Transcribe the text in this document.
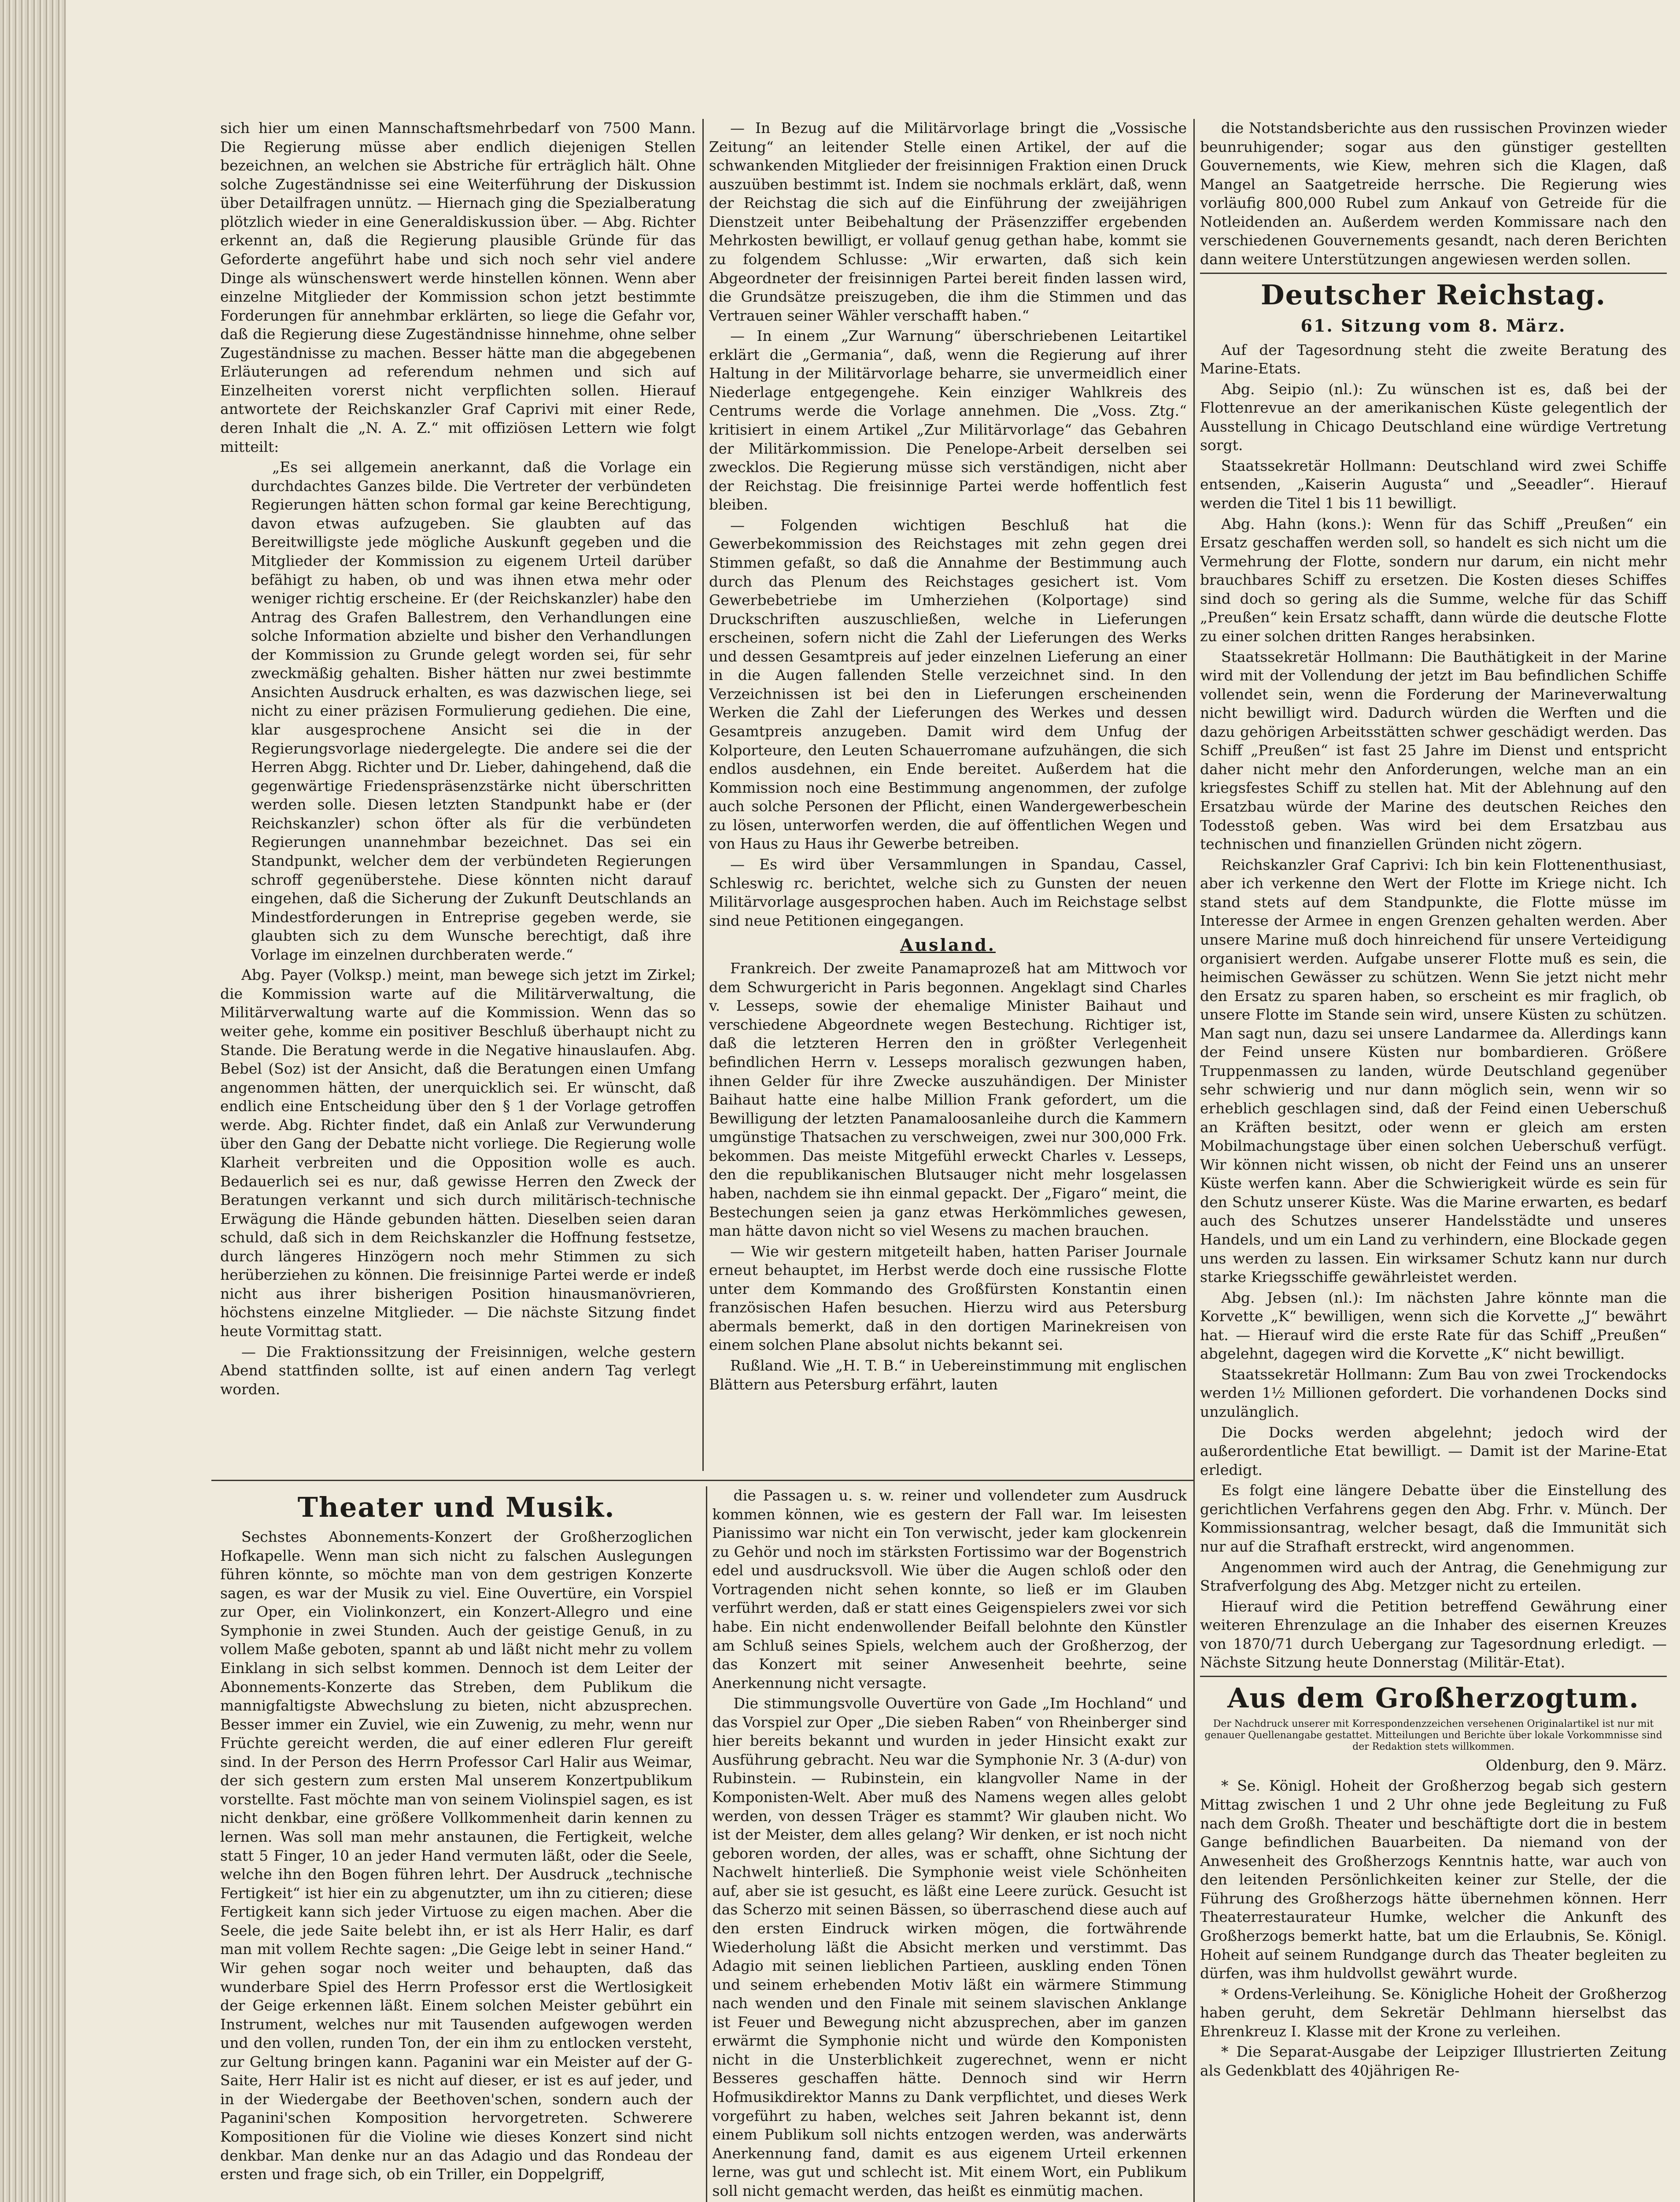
sich hier um einen Mannschaftsmehrbedarf von 7500 Mann. Die Regierung müsse aber endlich diejenigen Stellen bezeichnen, an welchen sie Abstriche für erträglich hält. Ohne solche Zugeständnisse sei eine Weiterführung der Diskussion über Detailfragen unnütz. — Hiernach ging die Spezialberatung plötzlich wieder in eine Generaldiskussion über. — Abg. Richter erkennt an, daß die Regierung plausible Gründe für das Geforderte angeführt habe und sich noch sehr viel andere Dinge als wünschenswert werde hinstellen können. Wenn aber einzelne Mitglieder der Kommission schon jetzt bestimmte Forderungen für annehmbar erklärten, so liege die Gefahr vor, daß die Regierung diese Zugeständnisse hinnehme, ohne selber Zugeständnisse zu machen. Besser hätte man die abgegebenen Erläuterungen ad referendum nehmen und sich auf Einzelheiten vorerst nicht verpflichten sollen. Hierauf antwortete der Reichskanzler Graf Caprivi mit einer Rede, deren Inhalt die „N. A. Z.“ mit offiziösen Lettern wie folgt mitteilt:

„Es sei allgemein anerkannt, daß die Vorlage ein durchdachtes Ganzes bilde. Die Vertreter der verbündeten Regierungen hätten schon formal gar keine Berechtigung, davon etwas aufzugeben. Sie glaubten auf das Bereitwilligste jede mögliche Auskunft gegeben und die Mitglieder der Kommission zu eigenem Urteil darüber befähigt zu haben, ob und was ihnen etwa mehr oder weniger richtig erscheine. Er (der Reichskanzler) habe den Antrag des Grafen Ballestrem, den Verhandlungen eine solche Information abzielte und bisher den Verhandlungen der Kommission zu Grunde gelegt worden sei, für sehr zweckmäßig gehalten. Bisher hätten nur zwei bestimmte Ansichten Ausdruck erhalten, es was dazwischen liege, sei nicht zu einer präzisen Formulierung gediehen. Die eine, klar ausgesprochene Ansicht sei die in der Regierungsvorlage niedergelegte. Die andere sei die der Herren Abgg. Richter und Dr. Lieber, dahingehend, daß die gegenwärtige Friedenspräsenzstärke nicht überschritten werden solle. Diesen letzten Standpunkt habe er (der Reichskanzler) schon öfter als für die verbündeten Regierungen unannehmbar bezeichnet. Das sei ein Standpunkt, welcher dem der verbündeten Regierungen schroff gegenüberstehe. Diese könnten nicht darauf eingehen, daß die Sicherung der Zukunft Deutschlands an Mindestforderungen in Entreprise gegeben werde, sie glaubten sich zu dem Wunsche berechtigt, daß ihre Vorlage im einzelnen durchberaten werde.“

Abg. Payer (Volksp.) meint, man bewege sich jetzt im Zirkel; die Kommission warte auf die Militärverwaltung, die Militärverwaltung warte auf die Kommission. Wenn das so weiter gehe, komme ein positiver Beschluß überhaupt nicht zu Stande. Die Beratung werde in die Negative hinauslaufen. Abg. Bebel (Soz) ist der Ansicht, daß die Beratungen einen Umfang angenommen hätten, der unerquicklich sei. Er wünscht, daß endlich eine Entscheidung über den § 1 der Vorlage getroffen werde. Abg. Richter findet, daß ein Anlaß zur Verwunderung über den Gang der Debatte nicht vorliege. Die Regierung wolle Klarheit verbreiten und die Opposition wolle es auch. Bedauerlich sei es nur, daß gewisse Herren den Zweck der Beratungen verkannt und sich durch militärisch-technische Erwägung die Hände gebunden hätten. Dieselben seien daran schuld, daß sich in dem Reichskanzler die Hoffnung festsetze, durch längeres Hinzögern noch mehr Stimmen zu sich herüberziehen zu können. Die freisinnige Partei werde er indeß nicht aus ihrer bisherigen Position hinausmanövrieren, höchstens einzelne Mitglieder. — Die nächste Sitzung findet heute Vormittag statt.

— Die Fraktionssitzung der Freisinnigen, welche gestern Abend stattfinden sollte, ist auf einen andern Tag verlegt worden.

— In Bezug auf die Militärvorlage bringt die „Vossische Zeitung“ an leitender Stelle einen Artikel, der auf die schwankenden Mitglieder der freisinnigen Fraktion einen Druck auszuüben bestimmt ist. Indem sie nochmals erklärt, daß, wenn der Reichstag die sich auf die Einführung der zweijährigen Dienstzeit unter Beibehaltung der Präsenzziffer ergebenden Mehrkosten bewilligt, er vollauf genug gethan habe, kommt sie zu folgendem Schlusse: „Wir erwarten, daß sich kein Abgeordneter der freisinnigen Partei bereit finden lassen wird, die Grundsätze preiszugeben, die ihm die Stimmen und das Vertrauen seiner Wähler verschafft haben.“

— In einem „Zur Warnung“ überschriebenen Leitartikel erklärt die „Germania“, daß, wenn die Regierung auf ihrer Haltung in der Militärvorlage beharre, sie unvermeidlich einer Niederlage entgegengehe. Kein einziger Wahlkreis des Centrums werde die Vorlage annehmen. Die „Voss. Ztg.“ kritisiert in einem Artikel „Zur Militärvorlage“ das Gebahren der Militärkommission. Die Penelope-Arbeit derselben sei zwecklos. Die Regierung müsse sich verständigen, nicht aber der Reichstag. Die freisinnige Partei werde hoffentlich fest bleiben.

— Folgenden wichtigen Beschluß hat die Gewerbekommission des Reichstages mit zehn gegen drei Stimmen gefaßt, so daß die Annahme der Bestimmung auch durch das Plenum des Reichstages gesichert ist. Vom Gewerbebetriebe im Umherziehen (Kolportage) sind Druckschriften auszuschließen, welche in Lieferungen erscheinen, sofern nicht die Zahl der Lieferungen des Werks und dessen Gesamtpreis auf jeder einzelnen Lieferung an einer in die Augen fallenden Stelle verzeichnet sind. In den Verzeichnissen ist bei den in Lieferungen erscheinenden Werken die Zahl der Lieferungen des Werkes und dessen Gesamtpreis anzugeben. Damit wird dem Unfug der Kolporteure, den Leuten Schauerromane aufzuhängen, die sich endlos ausdehnen, ein Ende bereitet. Außerdem hat die Kommission noch eine Bestimmung angenommen, der zufolge auch solche Personen der Pflicht, einen Wandergewerbeschein zu lösen, unterworfen werden, die auf öffentlichen Wegen und von Haus zu Haus ihr Gewerbe betreiben.

— Es wird über Versammlungen in Spandau, Cassel, Schleswig rc. berichtet, welche sich zu Gunsten der neuen Militärvorlage ausgesprochen haben. Auch im Reichstage selbst sind neue Petitionen eingegangen.

Ausland.

Frankreich. Der zweite Panamaprozeß hat am Mittwoch vor dem Schwurgericht in Paris begonnen. Angeklagt sind Charles v. Lesseps, sowie der ehemalige Minister Baihaut und verschiedene Abgeordnete wegen Bestechung. Richtiger ist, daß die letzteren Herren den in größter Verlegenheit befindlichen Herrn v. Lesseps moralisch gezwungen haben, ihnen Gelder für ihre Zwecke auszuhändigen. Der Minister Baihaut hatte eine halbe Million Frank gefordert, um die Bewilligung der letzten Panamaloosanleihe durch die Kammern umgünstige Thatsachen zu verschweigen, zwei nur 300,000 Frk. bekommen. Das meiste Mitgefühl erweckt Charles v. Lesseps, den die republikanischen Blutsauger nicht mehr losgelassen haben, nachdem sie ihn einmal gepackt. Der „Figaro“ meint, die Bestechungen seien ja ganz etwas Herkömmliches gewesen, man hätte davon nicht so viel Wesens zu machen brauchen.

— Wie wir gestern mitgeteilt haben, hatten Pariser Journale erneut behauptet, im Herbst werde doch eine russische Flotte unter dem Kommando des Großfürsten Konstantin einen französischen Hafen besuchen. Hierzu wird aus Petersburg abermals bemerkt, daß in den dortigen Marinekreisen von einem solchen Plane absolut nichts bekannt sei.

Rußland. Wie „H. T. B.“ in Uebereinstimmung mit englischen Blättern aus Petersburg erfährt, lauten

Theater und Musik.

Sechstes Abonnements-Konzert der Großherzoglichen Hofkapelle. Wenn man sich nicht zu falschen Auslegungen führen könnte, so möchte man von dem gestrigen Konzerte sagen, es war der Musik zu viel. Eine Ouvertüre, ein Vorspiel zur Oper, ein Violinkonzert, ein Konzert-Allegro und eine Symphonie in zwei Stunden. Auch der geistige Genuß, in zu vollem Maße geboten, spannt ab und läßt nicht mehr zu vollem Einklang in sich selbst kommen. Dennoch ist dem Leiter der Abonnements-Konzerte das Streben, dem Publikum die mannigfaltigste Abwechslung zu bieten, nicht abzusprechen. Besser immer ein Zuviel, wie ein Zuwenig, zu mehr, wenn nur Früchte gereicht werden, die auf einer edleren Flur gereift sind. In der Person des Herrn Professor Carl Halir aus Weimar, der sich gestern zum ersten Mal unserem Konzertpublikum vorstellte. Fast möchte man von seinem Violinspiel sagen, es ist nicht denkbar, eine größere Vollkommenheit darin kennen zu lernen. Was soll man mehr anstaunen, die Fertigkeit, welche statt 5 Finger, 10 an jeder Hand vermuten läßt, oder die Seele, welche ihn den Bogen führen lehrt. Der Ausdruck „technische Fertigkeit“ ist hier ein zu abgenutzter, um ihn zu citieren; diese Fertigkeit kann sich jeder Virtuose zu eigen machen. Aber die Seele, die jede Saite belebt ihn, er ist als Herr Halir, es darf man mit vollem Rechte sagen: „Die Geige lebt in seiner Hand.“ Wir gehen sogar noch weiter und behaupten, daß das wunderbare Spiel des Herrn Professor erst die Wertlosigkeit der Geige erkennen läßt. Einem solchen Meister gebührt ein Instrument, welches nur mit Tausenden aufgewogen werden und den vollen, runden Ton, der ein ihm zu entlocken versteht, zur Geltung bringen kann. Paganini war ein Meister auf der G-Saite, Herr Halir ist es nicht auf dieser, er ist es auf jeder, und in der Wiedergabe der Beethoven'schen, sondern auch der Paganini'schen Komposition hervorgetreten. Schwerere Kompositionen für die Violine wie dieses Konzert sind nicht denkbar. Man denke nur an das Adagio und das Rondeau der ersten und frage sich, ob ein Triller, ein Doppelgriff,

die Passagen u. s. w. reiner und vollendeter zum Ausdruck kommen können, wie es gestern der Fall war. Im leisesten Pianissimo war nicht ein Ton verwischt, jeder kam glockenrein zu Gehör und noch im stärksten Fortissimo war der Bogenstrich edel und ausdrucksvoll. Wie über die Augen schloß oder den Vortragenden nicht sehen konnte, so ließ er im Glauben verführt werden, daß er statt eines Geigenspielers zwei vor sich habe. Ein nicht endenwollender Beifall belohnte den Künstler am Schluß seines Spiels, welchem auch der Großherzog, der das Konzert mit seiner Anwesenheit beehrte, seine Anerkennung nicht versagte.

Die stimmungsvolle Ouvertüre von Gade „Im Hochland“ und das Vorspiel zur Oper „Die sieben Raben“ von Rheinberger sind hier bereits bekannt und wurden in jeder Hinsicht exakt zur Ausführung gebracht. Neu war die Symphonie Nr. 3 (A-dur) von Rubinstein. — Rubinstein, ein klangvoller Name in der Komponisten-Welt. Aber muß des Namens wegen alles gelobt werden, von dessen Träger es stammt? Wir glauben nicht. Wo ist der Meister, dem alles gelang? Wir denken, er ist noch nicht geboren worden, der alles, was er schafft, ohne Sichtung der Nachwelt hinterließ. Die Symphonie weist viele Schönheiten auf, aber sie ist gesucht, es läßt eine Leere zurück. Gesucht ist das Scherzo mit seinen Bässen, so überraschend diese auch auf den ersten Eindruck wirken mögen, die fortwährende Wiederholung läßt die Absicht merken und verstimmt. Das Adagio mit seinen lieblichen Partieen, auskling enden Tönen und seinem erhebenden Motiv läßt ein wärmere Stimmung nach wenden und den Finale mit seinem slavischen Anklange ist Feuer und Bewegung nicht abzusprechen, aber im ganzen erwärmt die Symphonie nicht und würde den Komponisten nicht in die Unsterblichkeit zugerechnet, wenn er nicht Besseres geschaffen hätte. Dennoch sind wir Herrn Hofmusikdirektor Manns zu Dank verpflichtet, und dieses Werk vorgeführt zu haben, welches seit Jahren bekannt ist, denn einem Publikum soll nichts entzogen werden, was anderwärts Anerkennung fand, damit es aus eigenem Urteil erkennen lerne, was gut und schlecht ist. Mit einem Wort, ein Publikum soll nicht gemacht werden, das heißt es einmütig machen.

die Notstandsberichte aus den russischen Provinzen wieder beunruhigender; sogar aus den günstiger gestellten Gouvernements, wie Kiew, mehren sich die Klagen, daß Mangel an Saatgetreide herrsche. Die Regierung wies vorläufig 800,000 Rubel zum Ankauf von Getreide für die Notleidenden an. Außerdem werden Kommissare nach den verschiedenen Gouvernements gesandt, nach deren Berichten dann weitere Unterstützungen angewiesen werden sollen.

Deutscher Reichstag.
61. Sitzung vom 8. März.

Auf der Tagesordnung steht die zweite Beratung des Marine-Etats.

Abg. Seipio (nl.): Zu wünschen ist es, daß bei der Flottenrevue an der amerikanischen Küste gelegentlich der Ausstellung in Chicago Deutschland eine würdige Vertretung sorgt.

Staatssekretär Hollmann: Deutschland wird zwei Schiffe entsenden, „Kaiserin Augusta“ und „Seeadler“. Hierauf werden die Titel 1 bis 11 bewilligt.

Abg. Hahn (kons.): Wenn für das Schiff „Preußen“ ein Ersatz geschaffen werden soll, so handelt es sich nicht um die Vermehrung der Flotte, sondern nur darum, ein nicht mehr brauchbares Schiff zu ersetzen. Die Kosten dieses Schiffes sind doch so gering als die Summe, welche für das Schiff „Preußen“ kein Ersatz schafft, dann würde die deutsche Flotte zu einer solchen dritten Ranges herabsinken.

Staatssekretär Hollmann: Die Bauthätigkeit in der Marine wird mit der Vollendung der jetzt im Bau befindlichen Schiffe vollendet sein, wenn die Forderung der Marineverwaltung nicht bewilligt wird. Dadurch würden die Werften und die dazu gehörigen Arbeitsstätten schwer geschädigt werden. Das Schiff „Preußen“ ist fast 25 Jahre im Dienst und entspricht daher nicht mehr den Anforderungen, welche man an ein kriegsfestes Schiff zu stellen hat. Mit der Ablehnung auf den Ersatzbau würde der Marine des deutschen Reiches den Todesstoß geben. Was wird bei dem Ersatzbau aus technischen und finanziellen Gründen nicht zögern.

Reichskanzler Graf Caprivi: Ich bin kein Flottenenthusiast, aber ich verkenne den Wert der Flotte im Kriege nicht. Ich stand stets auf dem Standpunkte, die Flotte müsse im Interesse der Armee in engen Grenzen gehalten werden. Aber unsere Marine muß doch hinreichend für unsere Verteidigung organisiert werden. Aufgabe unserer Flotte muß es sein, die heimischen Gewässer zu schützen. Wenn Sie jetzt nicht mehr den Ersatz zu sparen haben, so erscheint es mir fraglich, ob unsere Flotte im Stande sein wird, unsere Küsten zu schützen. Man sagt nun, dazu sei unsere Landarmee da. Allerdings kann der Feind unsere Küsten nur bombardieren. Größere Truppenmassen zu landen, würde Deutschland gegenüber sehr schwierig und nur dann möglich sein, wenn wir so erheblich geschlagen sind, daß der Feind einen Ueberschuß an Kräften besitzt, oder wenn er gleich am ersten Mobilmachungstage über einen solchen Ueberschuß verfügt. Wir können nicht wissen, ob nicht der Feind uns an unserer Küste werfen kann. Aber die Schwierigkeit würde es sein für den Schutz unserer Küste. Was die Marine erwarten, es bedarf auch des Schutzes unserer Handelsstädte und unseres Handels, und um ein Land zu verhindern, eine Blockade gegen uns werden zu lassen. Ein wirksamer Schutz kann nur durch starke Kriegsschiffe gewährleistet werden.

Abg. Jebsen (nl.): Im nächsten Jahre könnte man die Korvette „K“ bewilligen, wenn sich die Korvette „J“ bewährt hat. — Hierauf wird die erste Rate für das Schiff „Preußen“ abgelehnt, dagegen wird die Korvette „K“ nicht bewilligt.

Staatssekretär Hollmann: Zum Bau von zwei Trockendocks werden 1½ Millionen gefordert. Die vorhandenen Docks sind unzulänglich.

Die Docks werden abgelehnt; jedoch wird der außerordentliche Etat bewilligt. — Damit ist der Marine-Etat erledigt.

Es folgt eine längere Debatte über die Einstellung des gerichtlichen Verfahrens gegen den Abg. Frhr. v. Münch. Der Kommissionsantrag, welcher besagt, daß die Immunität sich nur auf die Strafhaft erstreckt, wird angenommen.

Angenommen wird auch der Antrag, die Genehmigung zur Strafverfolgung des Abg. Metzger nicht zu erteilen.

Hierauf wird die Petition betreffend Gewährung einer weiteren Ehrenzulage an die Inhaber des eisernen Kreuzes von 1870/71 durch Uebergang zur Tagesordnung erledigt. — Nächste Sitzung heute Donnerstag (Militär-Etat).

Aus dem Großherzogtum.
Der Nachdruck unserer mit Korrespondenzzeichen versehenen Originalartikel ist nur mit genauer Quellenangabe gestattet. Mitteilungen und Berichte über lokale Vorkommnisse sind der Redaktion stets willkommen.
Oldenburg, den 9. März.

* Se. Königl. Hoheit der Großherzog begab sich gestern Mittag zwischen 1 und 2 Uhr ohne jede Begleitung zu Fuß nach dem Großh. Theater und beschäftigte dort die in bestem Gange befindlichen Bauarbeiten. Da niemand von der Anwesenheit des Großherzogs Kenntnis hatte, war auch von den leitenden Persönlichkeiten keiner zur Stelle, der die Führung des Großherzogs hätte übernehmen können. Herr Theaterrestaurateur Humke, welcher die Ankunft des Großherzogs bemerkt hatte, bat um die Erlaubnis, Se. Königl. Hoheit auf seinem Rundgange durch das Theater begleiten zu dürfen, was ihm huldvollst gewährt wurde.

* Ordens-Verleihung. Se. Königliche Hoheit der Großherzog haben geruht, dem Sekretär Dehlmann hierselbst das Ehrenkreuz I. Klasse mit der Krone zu verleihen.

* Die Separat-Ausgabe der Leipziger Illustrierten Zeitung als Gedenkblatt des 40jährigen Re-
